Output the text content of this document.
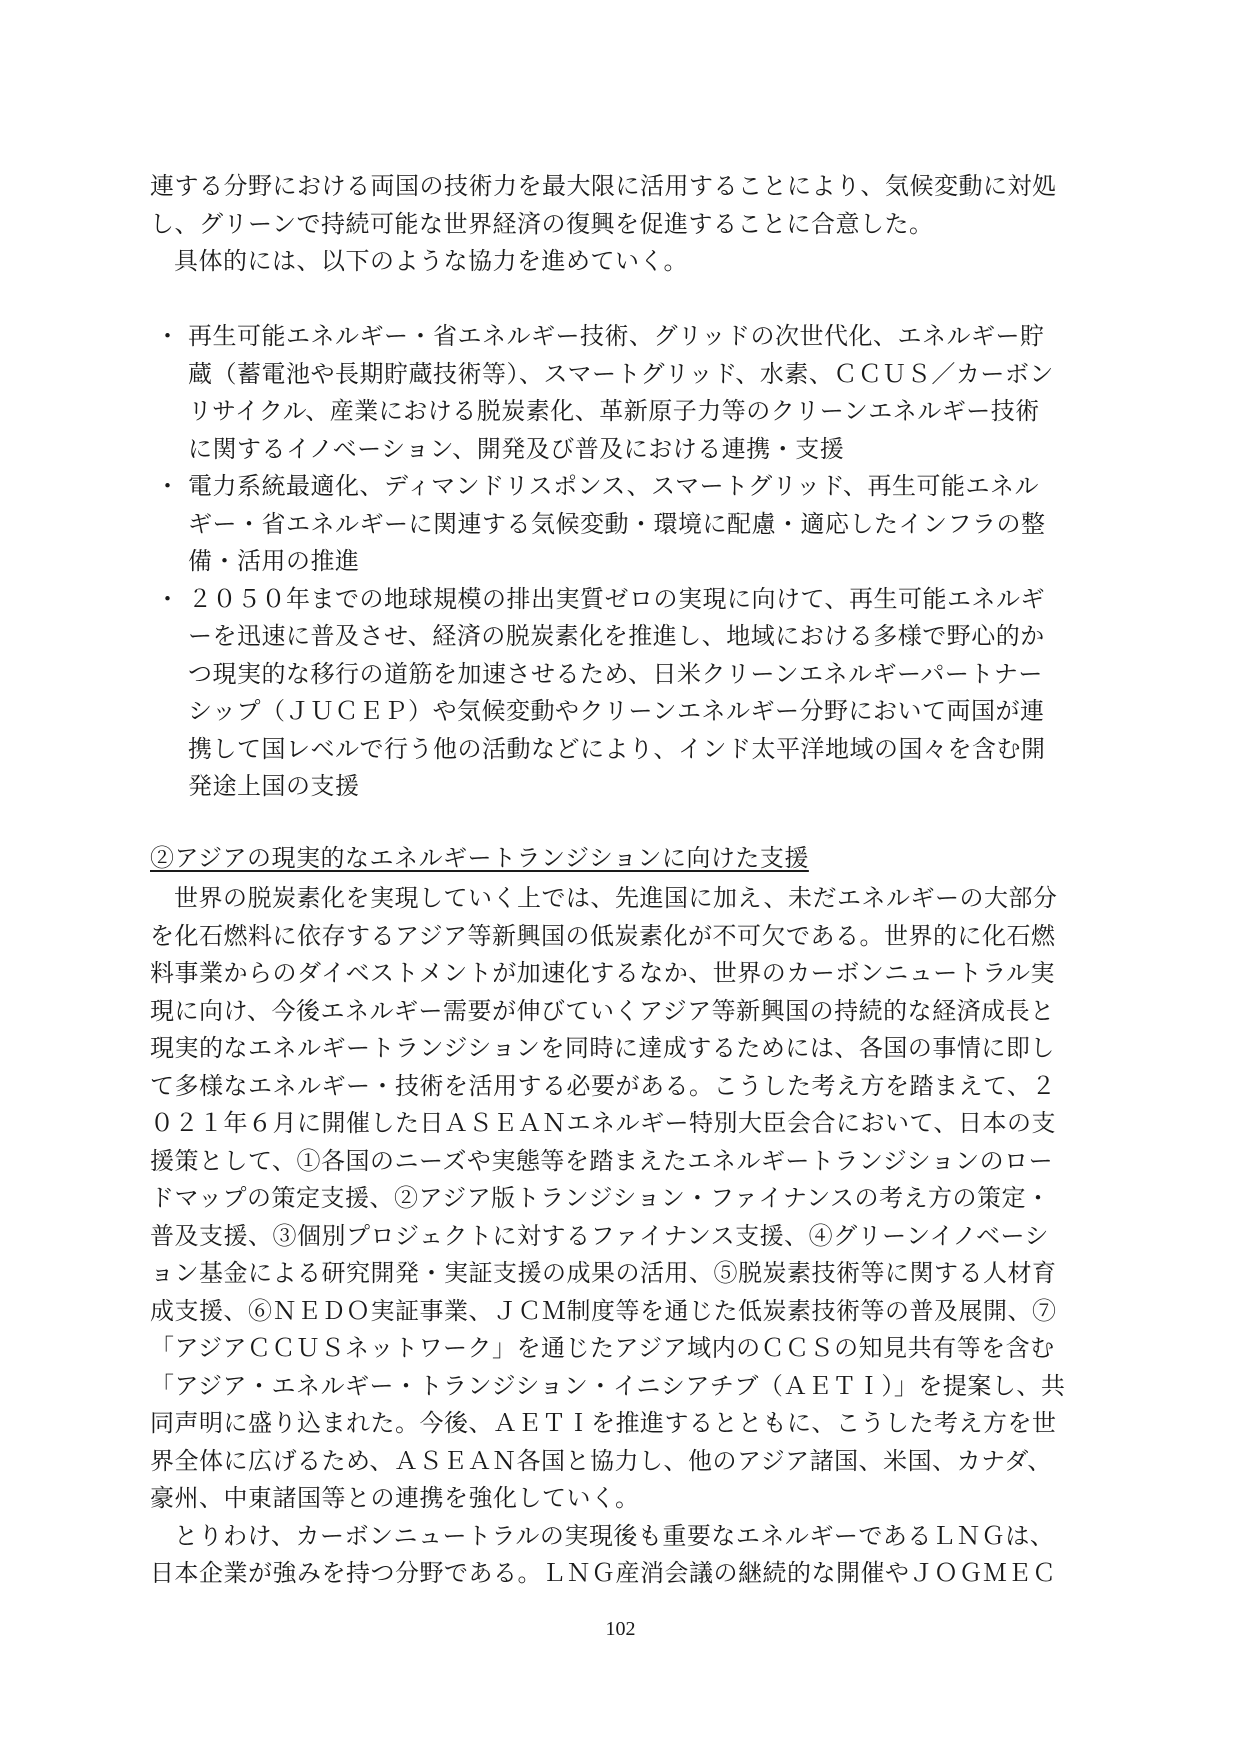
連する分野における両国の技術力を最大限に活用することにより、気候変動に対処
し、グリーンで持続可能な世界経済の復興を促進することに合意した。
具体的には、以下のような協力を進めていく。
・ 再生可能エネルギー・省エネルギー技術、グリッドの次世代化、エネルギー貯
蔵（蓄電池や長期貯蔵技術等）、スマートグリッド、水素、ＣＣＵＳ／カーボン
リサイクル、産業における脱炭素化、革新原子力等のクリーンエネルギー技術
に関するイノベーション、開発及び普及における連携・支援
・ 電力系統最適化、ディマンドリスポンス、スマートグリッド、再生可能エネル
ギー・省エネルギーに関連する気候変動・環境に配慮・適応したインフラの整
備・活用の推進
・ ２０５０年までの地球規模の排出実質ゼロの実現に向けて、再生可能エネルギ
ーを迅速に普及させ、経済の脱炭素化を推進し、地域における多様で野心的か
つ現実的な移行の道筋を加速させるため、日米クリーンエネルギーパートナー
シップ（ＪＵＣＥＰ）や気候変動やクリーンエネルギー分野において両国が連
携して国レベルで行う他の活動などにより、インド太平洋地域の国々を含む開
発途上国の支援
②アジアの現実的なエネルギートランジションに向けた支援
世界の脱炭素化を実現していく上では、先進国に加え、未だエネルギーの大部分
を化石燃料に依存するアジア等新興国の低炭素化が不可欠である。世界的に化石燃
料事業からのダイベストメントが加速化するなか、世界のカーボンニュートラル実
現に向け、今後エネルギー需要が伸びていくアジア等新興国の持続的な経済成長と
現実的なエネルギートランジションを同時に達成するためには、各国の事情に即し
て多様なエネルギー・技術を活用する必要がある。こうした考え方を踏まえて、２
０２１年６月に開催した日ＡＳＥＡＮエネルギー特別大臣会合において、日本の支
援策として、①各国のニーズや実態等を踏まえたエネルギートランジションのロー
ドマップの策定支援、②アジア版トランジション・ファイナンスの考え方の策定・
普及支援、③個別プロジェクトに対するファイナンス支援、④グリーンイノベーシ
ョン基金による研究開発・実証支援の成果の活用、⑤脱炭素技術等に関する人材育
成支援、⑥ＮＥＤＯ実証事業、ＪＣＭ制度等を通じた低炭素技術等の普及展開、⑦
「アジアＣＣＵＳネットワーク」を通じたアジア域内のＣＣＳの知見共有等を含む
「アジア・エネルギー・トランジション・イニシアチブ（ＡＥＴＩ）」を提案し、共
同声明に盛り込まれた。今後、ＡＥＴＩを推進するとともに、こうした考え方を世
界全体に広げるため、ＡＳＥＡＮ各国と協力し、他のアジア諸国、米国、カナダ、
豪州、中東諸国等との連携を強化していく。
とりわけ、カーボンニュートラルの実現後も重要なエネルギーであるＬＮＧは、
日本企業が強みを持つ分野である。ＬＮＧ産消会議の継続的な開催やＪＯＧＭＥＣ
102
